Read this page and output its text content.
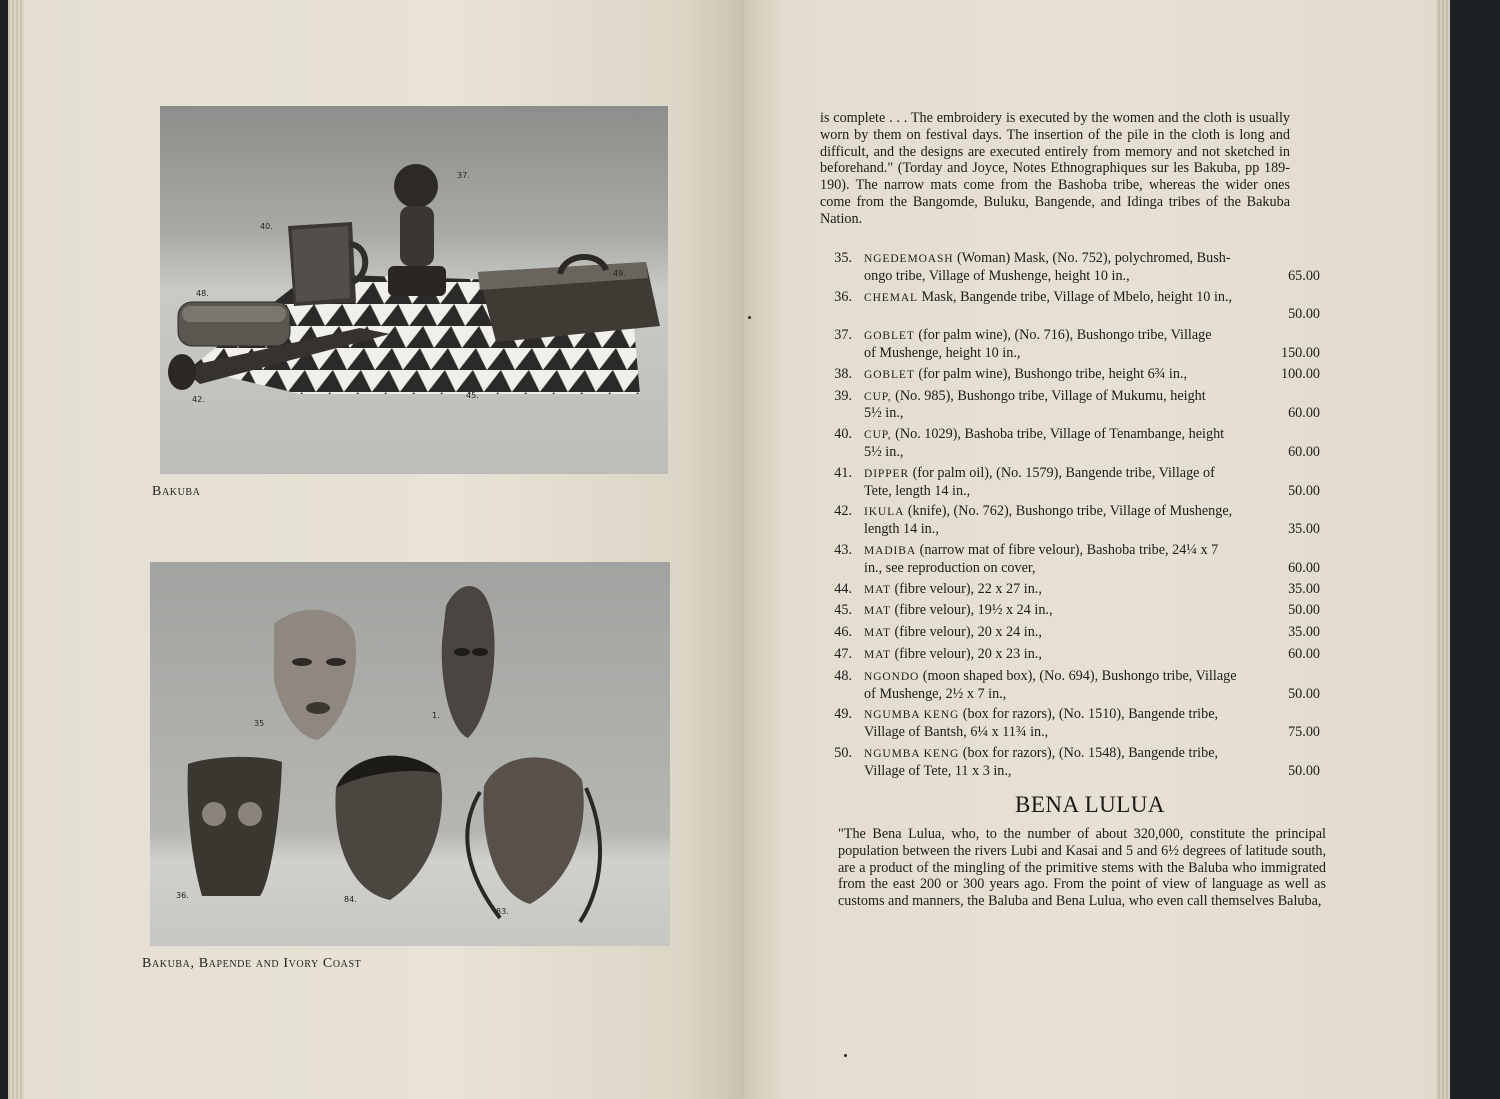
37.
40.
49.
48.
42.	45.
Bakuba
35
1.
36.	84.
83.
Bakuba, Bapende and Ivory Coast
is complete . . . The embroidery is executed by the women and the cloth is usually worn by them on festival days. The insertion of the pile in the cloth is long and difficult, and the designs are executed entirely from memory and not sketched in beforehand." (Torday and Joyce, Notes Ethnographiques sur les Bakuba, pp 189-190). The narrow mats come from the Bashoba tribe, whereas the wider ones come from the Bangomde, Buluku, Bangende, and Idinga tribes of the Bakuba Nation.
35. NGEDEMOASH (Woman) Mask, (No. 752), polychromed, Bush-
ongo tribe, Village of Mushenge, height 10 in.,	65.00
36. CHEMAL Mask, Bangende tribe, Village of Mbelo, height 10 in.,
50.00
37. GOBLET (for palm wine), (No. 716), Bushongo tribe, Village
of Mushenge, height 10 in.,	150.00
38. GOBLET (for palm wine), Bushongo tribe, height 6¾ in.,	100.00
39. CUP, (No. 985), Bushongo tribe, Village of Mukumu, height
5½ in.,	60.00
40. CUP, (No. 1029), Bashoba tribe, Village of Tenambange, height
5½ in.,	60.00
41. DIPPER (for palm oil), (No. 1579), Bangende tribe, Village of
Tete, length 14 in.,	50.00
42. IKULA (knife), (No. 762), Bushongo tribe, Village of Mushenge,
length 14 in.,	35.00
43. MADIBA (narrow mat of fibre velour), Bashoba tribe, 24¼ x 7
in., see reproduction on cover,	60.00
44. MAT (fibre velour), 22 x 27 in.,	35.00
45. MAT (fibre velour), 19½ x 24 in.,	50.00
46. MAT (fibre velour), 20 x 24 in.,	35.00
47. MAT (fibre velour), 20 x 23 in.,	60.00
48. NGONDO (moon shaped box), (No. 694), Bushongo tribe, Village
of Mushenge, 2½ x 7 in.,	50.00
49. NGUMBA KENG (box for razors), (No. 1510), Bangende tribe,
Village of Bantsh, 6¼ x 11¾ in.,	75.00
50. NGUMBA KENG (box for razors), (No. 1548), Bangende tribe,
Village of Tete, 11 x 3 in.,	50.00
BENA LULUA
"The Bena Lulua, who, to the number of about 320,000, constitute the principal population between the rivers Lubi and Kasai and 5 and 6½ degrees of latitude south, are a product of the mingling of the primitive stems with the Baluba who immigrated from the east 200 or 300 years ago. From the point of view of language as well as customs and manners, the Baluba and Bena Lulua, who even call themselves Baluba,
